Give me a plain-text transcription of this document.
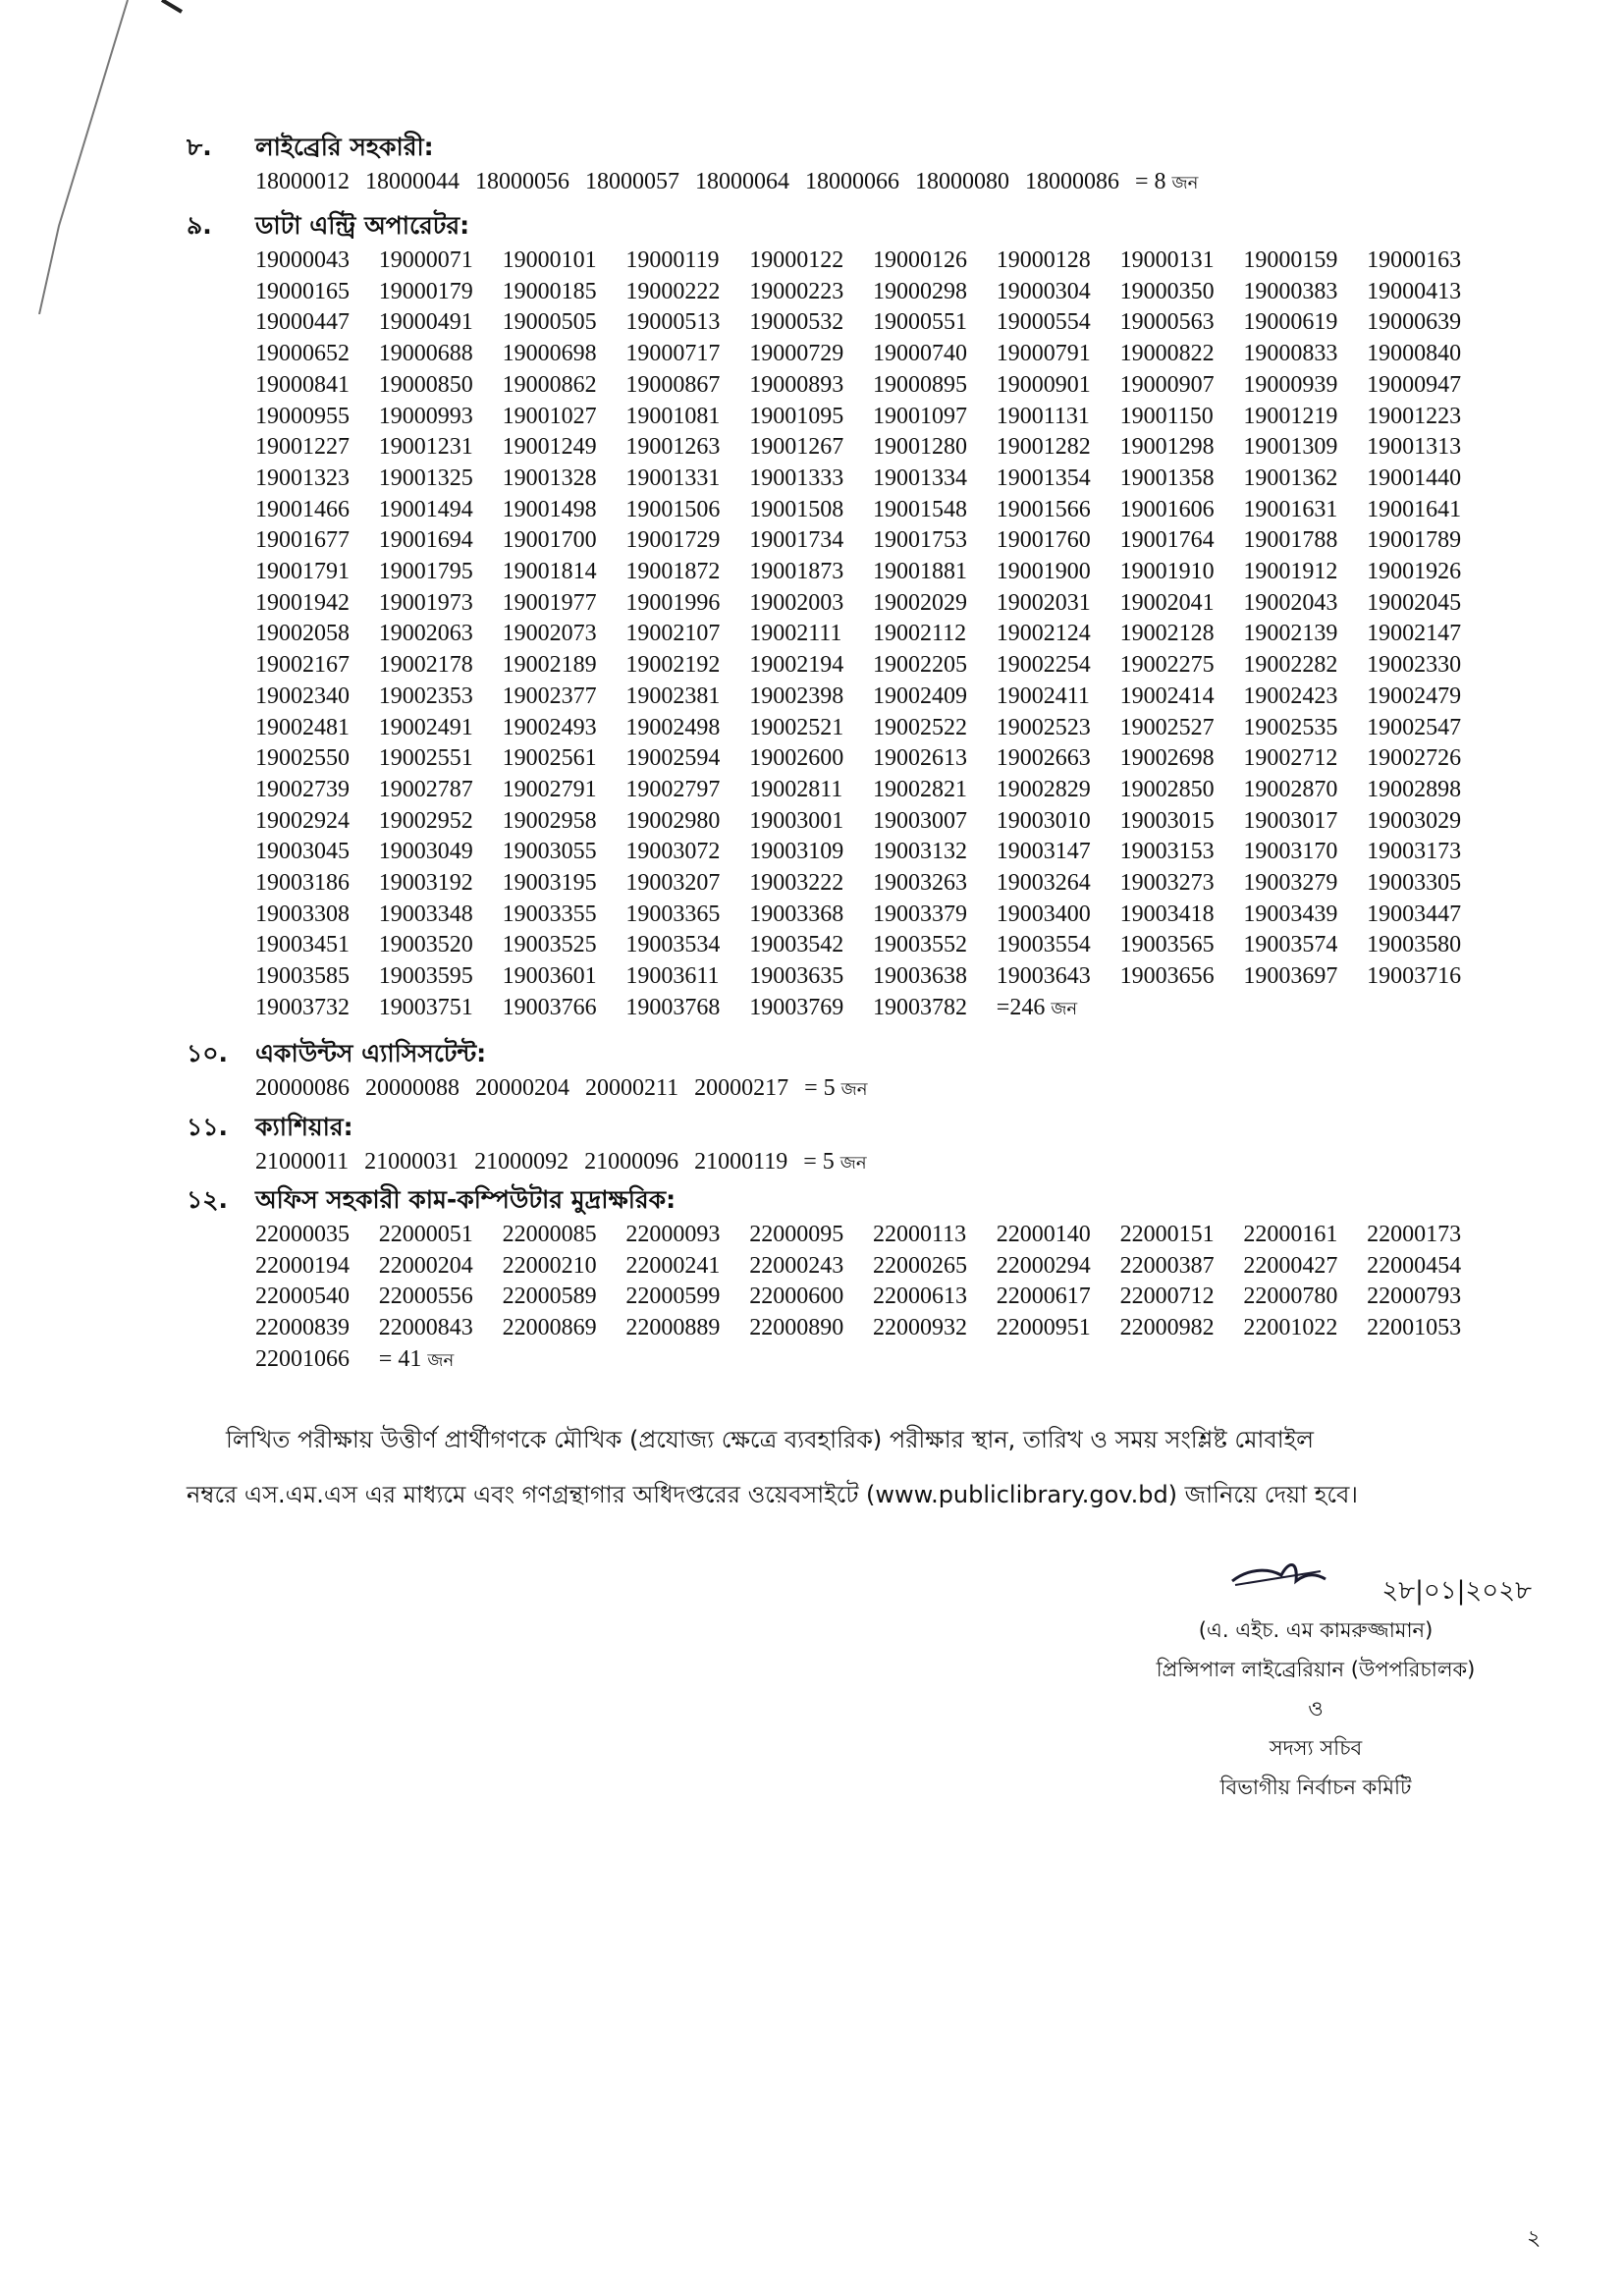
৮.	লাইব্রেরি সহকারী:
18000012 18000044 18000056 18000057 18000064 18000066 18000080 18000086 = 8 জন
৯.	ডাটা এন্ট্রি অপারেটর:
19000043	19000071	19000101	19000119	19000122	19000126	19000128	19000131	19000159	19000163
19000165	19000179	19000185	19000222	19000223	19000298	19000304	19000350	19000383	19000413
19000447	19000491	19000505	19000513	19000532	19000551	19000554	19000563	19000619	19000639
19000652	19000688	19000698	19000717	19000729	19000740	19000791	19000822	19000833	19000840
19000841	19000850	19000862	19000867	19000893	19000895	19000901	19000907	19000939	19000947
19000955	19000993	19001027	19001081	19001095	19001097	19001131	19001150	19001219	19001223
19001227	19001231	19001249	19001263	19001267	19001280	19001282	19001298	19001309	19001313
19001323	19001325	19001328	19001331	19001333	19001334	19001354	19001358	19001362	19001440
19001466	19001494	19001498	19001506	19001508	19001548	19001566	19001606	19001631	19001641
19001677	19001694	19001700	19001729	19001734	19001753	19001760	19001764	19001788	19001789
19001791	19001795	19001814	19001872	19001873	19001881	19001900	19001910	19001912	19001926
19001942	19001973	19001977	19001996	19002003	19002029	19002031	19002041	19002043	19002045
19002058	19002063	19002073	19002107	19002111	19002112	19002124	19002128	19002139	19002147
19002167	19002178	19002189	19002192	19002194	19002205	19002254	19002275	19002282	19002330
19002340	19002353	19002377	19002381	19002398	19002409	19002411	19002414	19002423	19002479
19002481	19002491	19002493	19002498	19002521	19002522	19002523	19002527	19002535	19002547
19002550	19002551	19002561	19002594	19002600	19002613	19002663	19002698	19002712	19002726
19002739	19002787	19002791	19002797	19002811	19002821	19002829	19002850	19002870	19002898
19002924	19002952	19002958	19002980	19003001	19003007	19003010	19003015	19003017	19003029
19003045	19003049	19003055	19003072	19003109	19003132	19003147	19003153	19003170	19003173
19003186	19003192	19003195	19003207	19003222	19003263	19003264	19003273	19003279	19003305
19003308	19003348	19003355	19003365	19003368	19003379	19003400	19003418	19003439	19003447
19003451	19003520	19003525	19003534	19003542	19003552	19003554	19003565	19003574	19003580
19003585	19003595	19003601	19003611	19003635	19003638	19003643	19003656	19003697	19003716
19003732	19003751	19003766	19003768	19003769	19003782	=246 জন
১০.	একাউন্টস এ্যাসিসটেন্ট:
20000086 20000088 20000204 20000211 20000217 = 5 জন
১১.	ক্যাশিয়ার:
21000011 21000031 21000092 21000096 21000119 = 5 জন
১২.	অফিস সহকারী কাম-কম্পিউটার মুদ্রাক্ষরিক:
22000035	22000051	22000085	22000093	22000095	22000113	22000140	22000151	22000161	22000173
22000194	22000204	22000210	22000241	22000243	22000265	22000294	22000387	22000427	22000454
22000540	22000556	22000589	22000599	22000600	22000613	22000617	22000712	22000780	22000793
22000839	22000843	22000869	22000889	22000890	22000932	22000951	22000982	22001022	22001053
22001066	= 41 জন
লিখিত পরীক্ষায় উত্তীর্ণ প্রার্থীগণকে মৌখিক (প্রযোজ্য ক্ষেত্রে ব্যবহারিক) পরীক্ষার স্থান, তারিখ ও সময় সংশ্লিষ্ট মোবাইল
নম্বরে এস.এম.এস এর মাধ্যমে এবং গণগ্রন্থাগার অধিদপ্তরের ওয়েবসাইটে (www.publiclibrary.gov.bd) জানিয়ে দেয়া হবে।
২৮|০১|২০২৮
(এ. এইচ. এম কামরুজ্জামান)
প্রিন্সিপাল লাইব্রেরিয়ান (উপপরিচালক)
ও
সদস্য সচিব
বিভাগীয় নির্বাচন কমিটি
২
